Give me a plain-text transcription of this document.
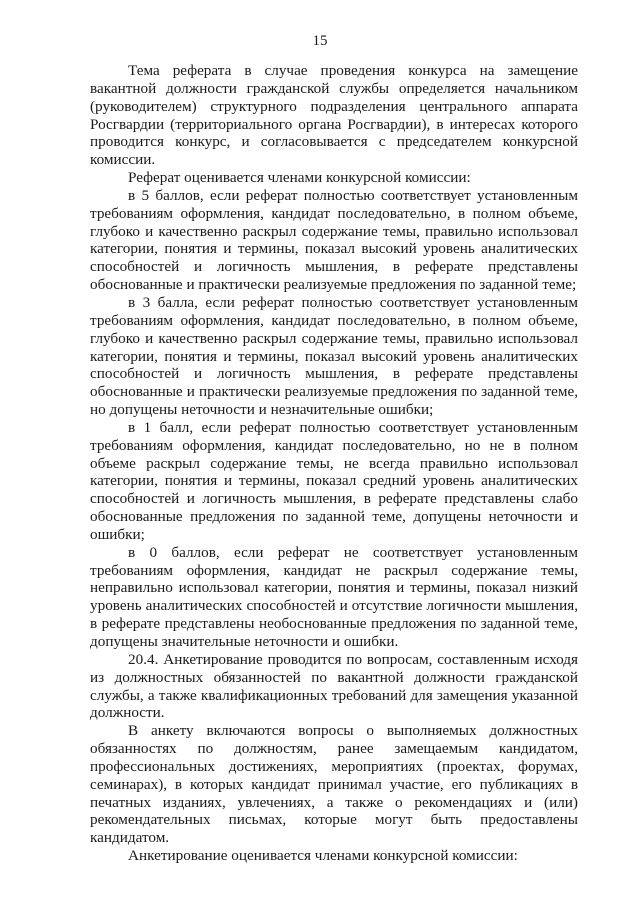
15

Тема реферата в случае проведения конкурса на замещение вакантной должности гражданской службы определяется начальником (руководителем) структурного подразделения центрального аппарата Росгвардии (территориального органа Росгвардии), в интересах которого проводится конкурс, и согласовывается с председателем конкурсной комиссии.

Реферат оценивается членами конкурсной комиссии:

в 5 баллов, если реферат полностью соответствует установленным требованиям оформления, кандидат последовательно, в полном объеме, глубоко и качественно раскрыл содержание темы, правильно использовал категории, понятия и термины, показал высокий уровень аналитических способностей и логичность мышления, в реферате представлены обоснованные и практически реализуемые предложения по заданной теме;

в 3 балла, если реферат полностью соответствует установленным требованиям оформления, кандидат последовательно, в полном объеме, глубоко и качественно раскрыл содержание темы, правильно использовал категории, понятия и термины, показал высокий уровень аналитических способностей и логичность мышления, в реферате представлены обоснованные и практически реализуемые предложения по заданной теме, но допущены неточности и незначительные ошибки;

в 1 балл, если реферат полностью соответствует установленным требованиям оформления, кандидат последовательно, но не в полном объеме раскрыл содержание темы, не всегда правильно использовал категории, понятия и термины, показал средний уровень аналитических способностей и логичность мышления, в реферате представлены слабо обоснованные предложения по заданной теме, допущены неточности и ошибки;

в 0 баллов, если реферат не соответствует установленным требованиям оформления, кандидат не раскрыл содержание темы, неправильно использовал категории, понятия и термины, показал низкий уровень аналитических способностей и отсутствие логичности мышления, в реферате представлены необоснованные предложения по заданной теме, допущены значительные неточности и ошибки.

20.4. Анкетирование проводится по вопросам, составленным исходя из должностных обязанностей по вакантной должности гражданской службы, а также квалификационных требований для замещения указанной должности.

В анкету включаются вопросы о выполняемых должностных обязанностях по должностям, ранее замещаемым кандидатом, профессиональных достижениях, мероприятиях (проектах, форумах, семинарах), в которых кандидат принимал участие, его публикациях в печатных изданиях, увлечениях, а также о рекомендациях и (или) рекомендательных письмах, которые могут быть предоставлены кандидатом.

Анкетирование оценивается членами конкурсной комиссии:
